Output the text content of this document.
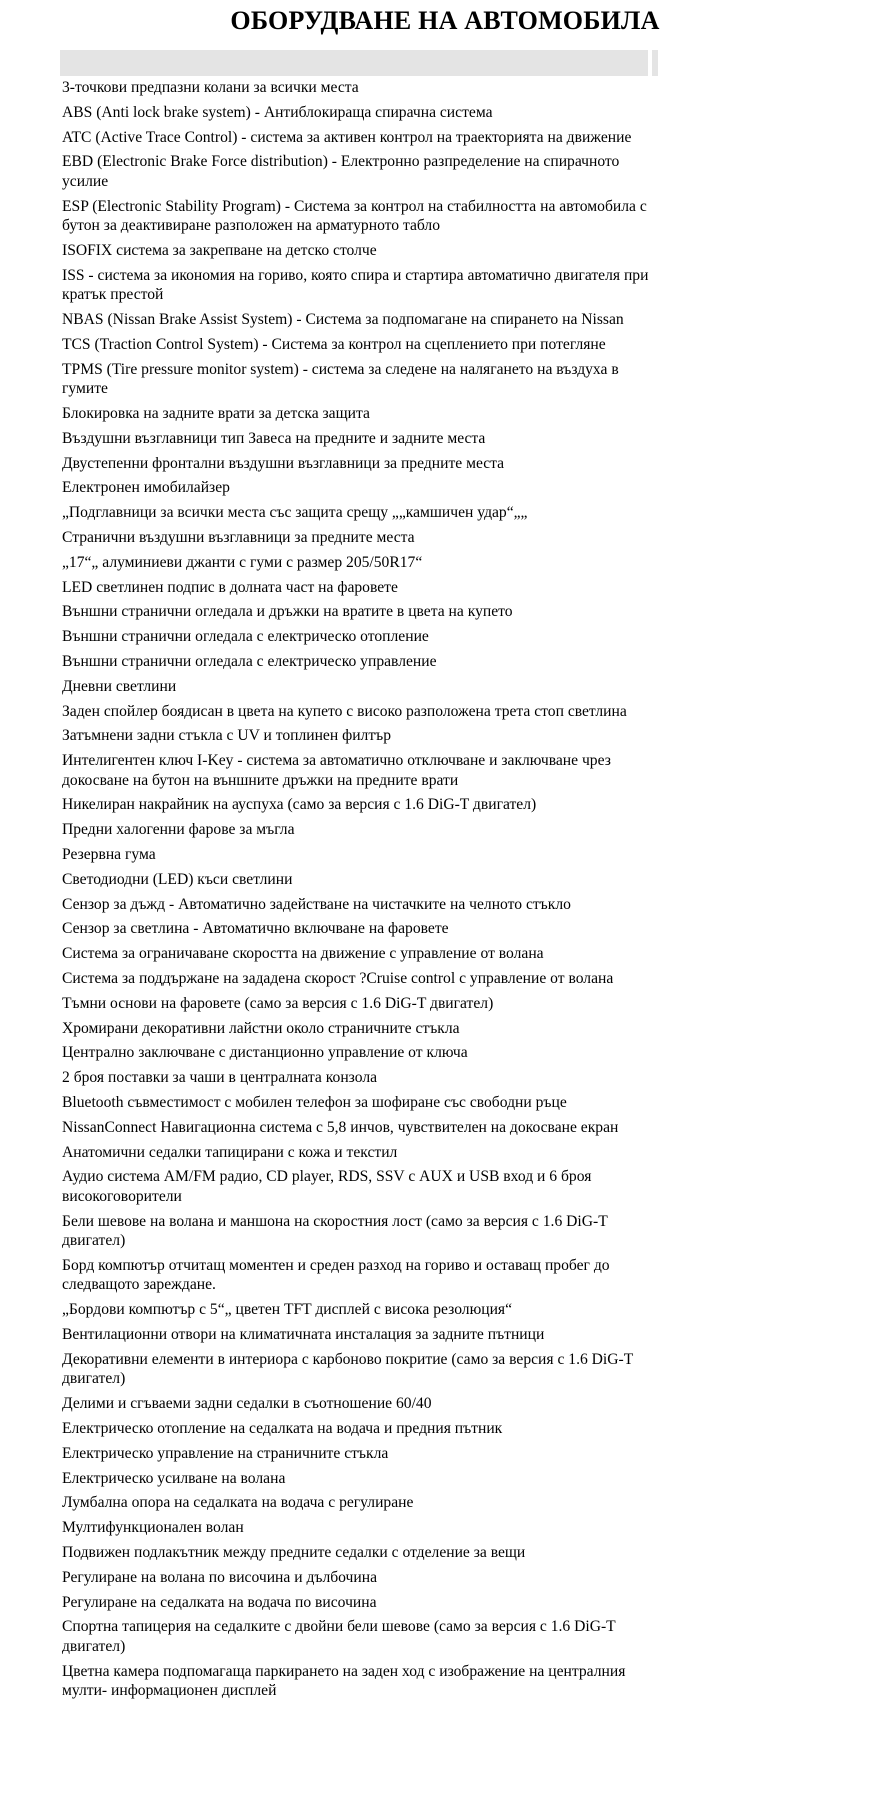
ОБОРУДВАНЕ НА АВТОМОБИЛА
3-точкови предпазни колани за всички места
ABS (Anti lock brake system) - Антиблокираща спирачна система
ATC (Active Trace Control) - система за активен контрол на траекторията на движение
EBD (Electronic Brake Force distribution) - Електронно разпределение на спирачното усилие
ESP (Electronic Stability Program) - Система за контрол на стабилността на автомобила с бутон за деактивиране разположен на арматурното табло
ISOFIX система за закрепване на детско столче
ISS - система за икономия на гориво, която спира и стартира автоматично двигателя при кратък престой
NBAS (Nissan Brake Assist System) - Система за подпомагане на спирането на Nissan
TCS (Traction Control System) - Система за контрол на сцеплението при потегляне
TPMS (Tire pressure monitor system) - система за следене на налягането на въздуха в гумите
Блокировка на задните врати за детска защита
Въздушни възглавници тип Завеса на предните и задните места
Двустепенни фронтални въздушни възглавници за предните места
Електронен имобилайзер
„Подглавници за всички места със защита срещу „„камшичен удар“„„
Странични въздушни възглавници за предните места
„17“„ алуминиеви джанти с гуми с размер 205/50R17“
LED светлинен подпис в долната част на фаровете
Външни странични огледала и дръжки на вратите в цвета на купето
Външни странични огледала с електрическо отопление
Външни странични огледала с електрическо управление
Дневни светлини
Заден спойлер боядисан в цвета на купето с високо разположена трета стоп светлина
Затъмнени задни стъкла с UV и топлинен филтър
Интелигентен ключ I-Key - система за автоматично отключване и заключване чрез докосване на бутон на външните дръжки на предните врати
Никелиран накрайник на ауспуха (само за версия с 1.6 DiG-T двигател)
Предни халогенни фарове за мъгла
Резервна гума
Светодиодни (LED) къси светлини
Сензор за дъжд - Автоматично задействане на чистачките на челното стъкло
Сензор за светлина - Автоматично включване на фаровете
Система за ограничаване скоростта на движение с управление от волана
Система за поддържане на зададена скорост ?Cruise control с управление от волана
Тъмни основи на фаровете (само за версия с 1.6 DiG-T двигател)
Хромирани декоративни лайстни около страничните стъкла
Централно заключване с дистанционно управление от ключа
2 броя поставки за чаши в централната конзола
Bluetooth съвместимост с мобилен телефон за шофиране със свободни ръце
NissanConnect Навигационна система с 5,8 инчов, чувствителен на докосване екран
Анатомични седалки тапицирани с кожа и текстил
Аудио система AM/FM радио, CD player, RDS, SSV с AUX и USB вход и 6 броя високоговорители
Бели шевове на волана и маншона на скоростния лост (само за версия с 1.6 DiG-T двигател)
Борд компютър отчитащ моментен и среден разход на гориво и оставащ пробег до следващото зареждане.
„Бордови компютър с 5“„ цветен TFT дисплей с висока резолюция“
Вентилационни отвори на климатичната инсталация за задните пътници
Декоративни елементи в интериора с карбоново покритие (само за версия с 1.6 DiG-T двигател)
Делими и сгъваеми задни седалки в съотношение 60/40
Електрическо отопление на седалката на водача и предния пътник
Електрическо управление на страничните стъкла
Електрическо усилване на волана
Лумбална опора на седалката на водача с регулиране
Мултифункционален волан
Подвижен подлакътник между предните седалки с отделение за вещи
Регулиране на волана по височина и дълбочина
Регулиране на седалката на водача по височина
Спортна тапицерия на седалките с двойни бели шевове (само за версия с 1.6 DiG-T двигател)
Цветна камера подпомагаща паркирането на заден ход с изображение на централния мулти- информационен дисплей
